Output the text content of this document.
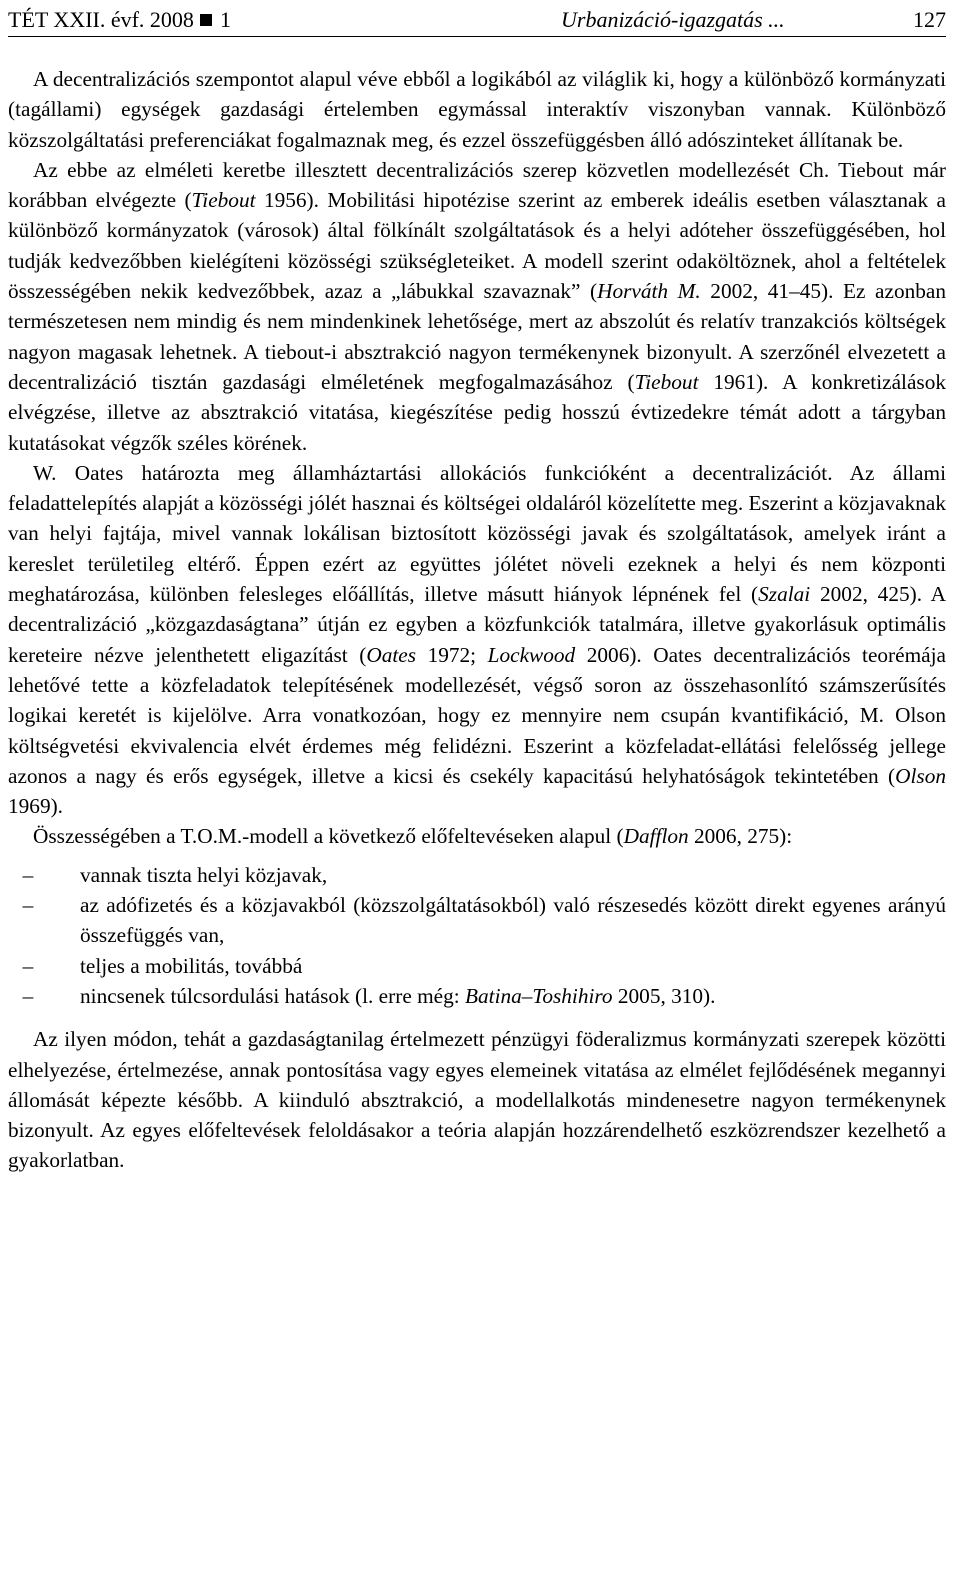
TÉT XXII. évf. 2008 1	Urbanizáció-igazgatás ...	127

A decentralizációs szempontot alapul véve ebből a logikából az világlik ki, hogy a különböző kormányzati (tagállami) egységek gazdasági értelemben egymással interaktív viszonyban vannak. Különböző közszolgáltatási preferenciákat fogalmaznak meg, és ezzel összefüggésben álló adószinteket állítanak be.

Az ebbe az elméleti keretbe illesztett decentralizációs szerep közvetlen modellezését Ch. Tiebout már korábban elvégezte (Tiebout 1956). Mobilitási hipotézise szerint az emberek ideális esetben választanak a különböző kormányzatok (városok) által fölkínált szolgáltatások és a helyi adóteher összefüggésében, hol tudják kedvezőbben kielégíteni közösségi szükségleteiket. A modell szerint odaköltöznek, ahol a feltételek összességében nekik kedvezőbbek, azaz a „lábukkal szavaznak” (Horváth M. 2002, 41–45). Ez azonban természetesen nem mindig és nem mindenkinek lehetősége, mert az abszolút és relatív tranzakciós költségek nagyon magasak lehetnek. A tiebout-i absztrakció nagyon termékenynek bizonyult. A szerzőnél elvezetett a decentralizáció tisztán gazdasági elméletének megfogalmazásához (Tiebout 1961). A konkretizálások elvégzése, illetve az absztrakció vitatása, kiegészítése pedig hosszú évtizedekre témát adott a tárgyban kutatásokat végzők széles körének.

W. Oates határozta meg államháztartási allokációs funkcióként a decentralizációt. Az állami feladattelepítés alapját a közösségi jólét hasznai és költségei oldaláról közelítette meg. Eszerint a közjavaknak van helyi fajtája, mivel vannak lokálisan biztosított közösségi javak és szolgáltatások, amelyek iránt a kereslet területileg eltérő. Éppen ezért az együttes jólétet növeli ezeknek a helyi és nem központi meghatározása, különben felesleges előállítás, illetve másutt hiányok lépnének fel (Szalai 2002, 425). A decentralizáció „közgazdaságtana” útján ez egyben a közfunkciók tatalmára, illetve gyakorlásuk optimális kereteire nézve jelenthetett eligazítást (Oates 1972; Lockwood 2006). Oates decentralizációs teorémája lehetővé tette a közfeladatok telepítésének modellezését, végső soron az összehasonlító számszerűsítés logikai keretét is kijelölve. Arra vonatkozóan, hogy ez mennyire nem csupán kvantifikáció, M. Olson költségvetési ekvivalencia elvét érdemes még felidézni. Eszerint a közfeladat-ellátási felelősség jellege azonos a nagy és erős egységek, illetve a kicsi és csekély kapacitású helyhatóságok tekintetében (Olson 1969).

Összességében a T.O.M.-modell a következő előfeltevéseken alapul (Dafflon 2006, 275):

–	vannak tiszta helyi közjavak,
–	az adófizetés és a közjavakból (közszolgáltatásokból) való részesedés között direkt egyenes arányú összefüggés van,
–	teljes a mobilitás, továbbá
–	nincsenek túlcsordulási hatások (l. erre még: Batina–Toshihiro 2005, 310).

Az ilyen módon, tehát a gazdaságtanilag értelmezett pénzügyi föderalizmus kormányzati szerepek közötti elhelyezése, értelmezése, annak pontosítása vagy egyes elemeinek vitatása az elmélet fejlődésének megannyi állomását képezte később. A kiinduló absztrakció, a modellalkotás mindenesetre nagyon termékenynek bizonyult. Az egyes előfeltevések feloldásakor a teória alapján hozzárendelhető eszközrendszer kezelhető a gyakorlatban.
